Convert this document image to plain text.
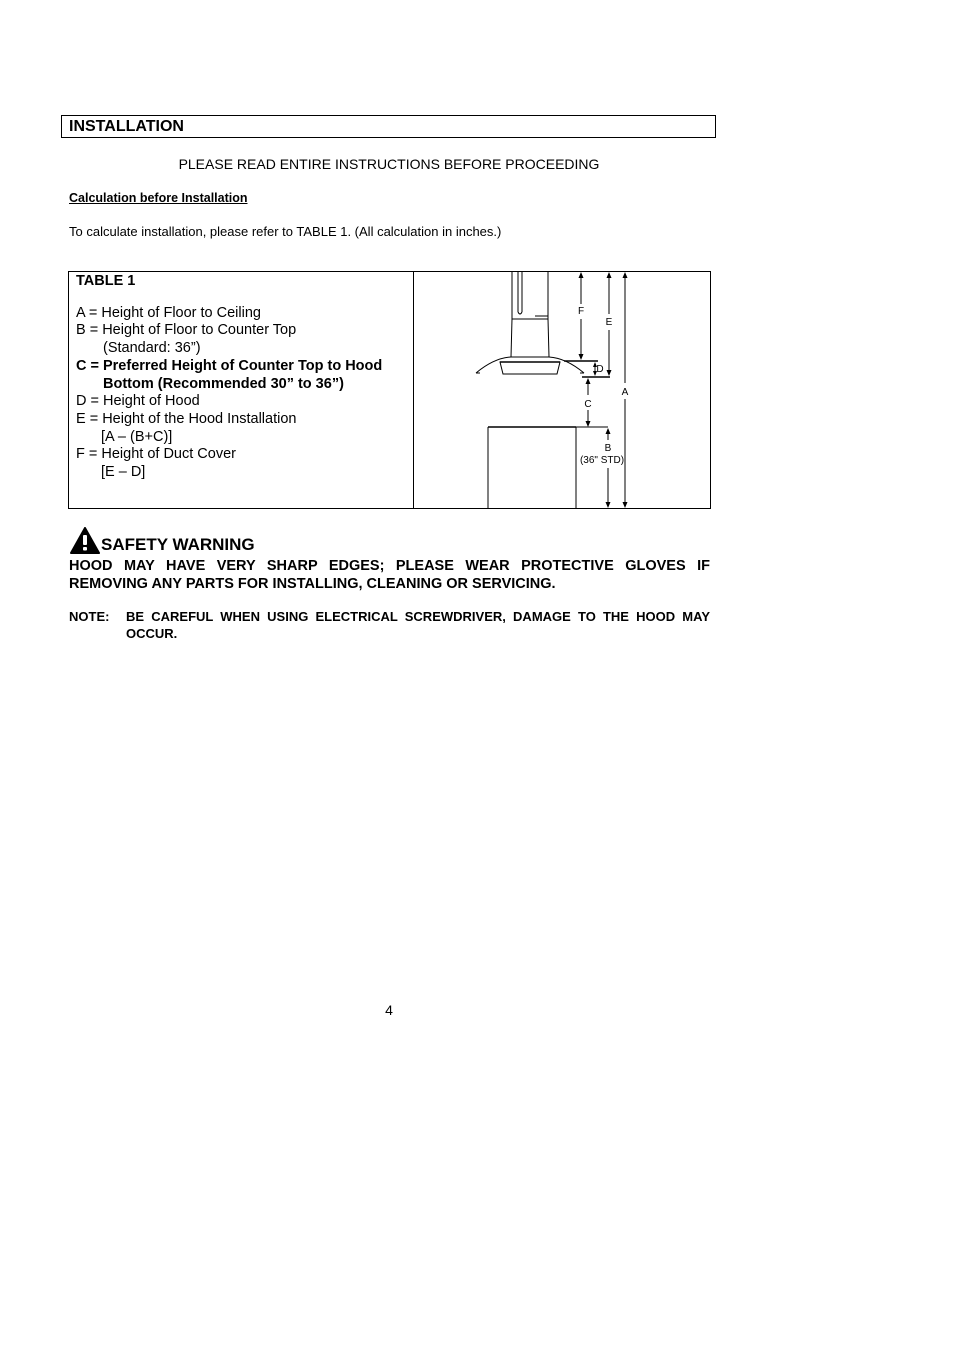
INSTALLATION
PLEASE READ ENTIRE INSTRUCTIONS BEFORE PROCEEDING
Calculation before Installation
To calculate installation, please refer to TABLE 1. (All calculation in inches.)
TABLE 1
A = Height of Floor to Ceiling
B = Height of Floor to Counter Top
(Standard: 36”)
C = Preferred Height of Counter Top to Hood
Bottom (Recommended 30” to 36”)
D = Height of Hood
E = Height of the Hood Installation
[A – (B+C)]
F = Height of Duct Cover
[E – D]
F
E
D
A
C
B
(36" STD)
SAFETY WARNING
HOOD MAY HAVE VERY SHARP EDGES; PLEASE WEAR PROTECTIVE GLOVES IF REMOVING ANY PARTS FOR INSTALLING, CLEANING OR SERVICING.
NOTE: BE CAREFUL WHEN USING ELECTRICAL SCREWDRIVER, DAMAGE TO THE HOOD MAY OCCUR.
4
